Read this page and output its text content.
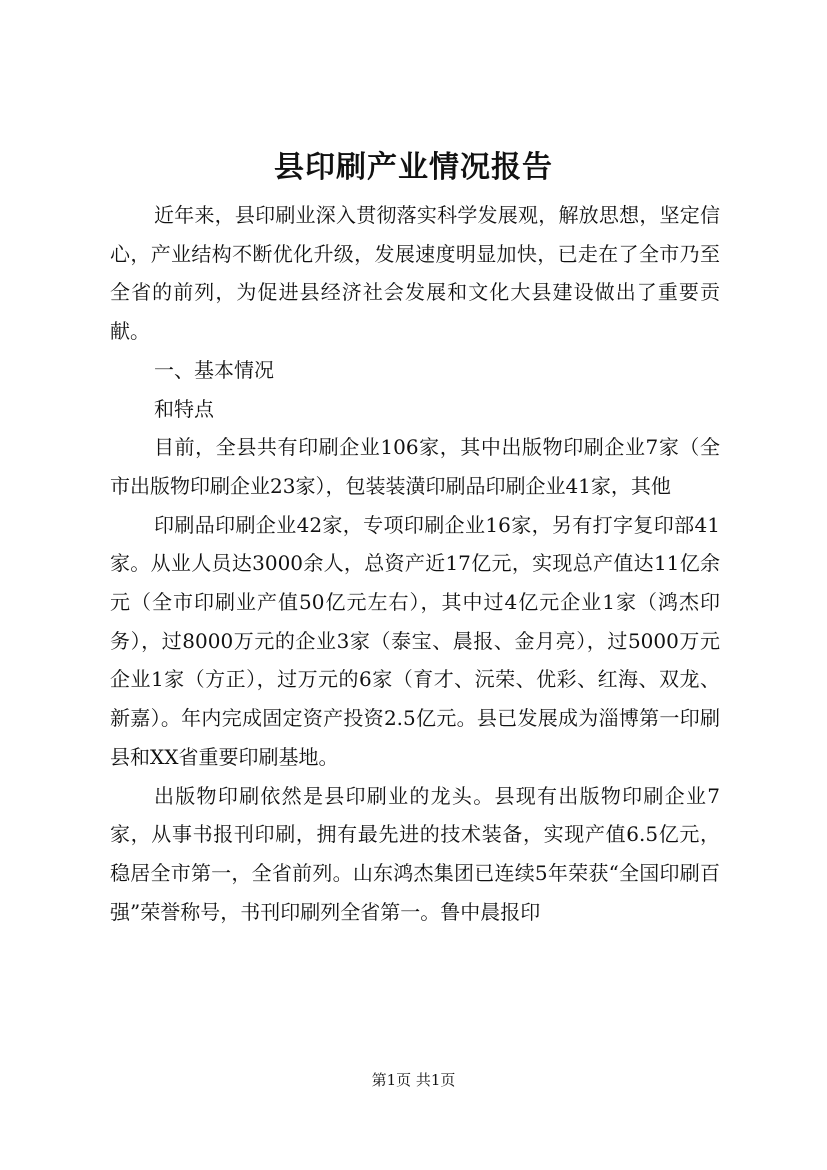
县印刷产业情况报告

近年来，县印刷业深入贯彻落实科学发展观，解放思想，坚定信心，产业结构不断优化升级，发展速度明显加快，已走在了全市乃至全省的前列，为促进县经济社会发展和文化大县建设做出了重要贡献。

一、基本情况

和特点

目前，全县共有印刷企业106家，其中出版物印刷企业7家（全市出版物印刷企业23家），包装装潢印刷品印刷企业41家，其他

印刷品印刷企业42家，专项印刷企业16家，另有打字复印部41家。从业人员达3000余人，总资产近17亿元，实现总产值达11亿余元（全市印刷业产值50亿元左右），其中过4亿元企业1家（鸿杰印务），过8000万元的企业3家（泰宝、晨报、金月亮），过5000万元企业1家（方正），过万元的6家（育才、沅荣、优彩、红海、双龙、新嘉）。年内完成固定资产投资2.5亿元。县已发展成为淄博第一印刷县和XX省重要印刷基地。

出版物印刷依然是县印刷业的龙头。县现有出版物印刷企业7家，从事书报刊印刷，拥有最先进的技术装备，实现产值6.5亿元，稳居全市第一，全省前列。山东鸿杰集团已连续5年荣获“全国印刷百强”荣誉称号，书刊印刷列全省第一。鲁中晨报印

第1页 共1页
